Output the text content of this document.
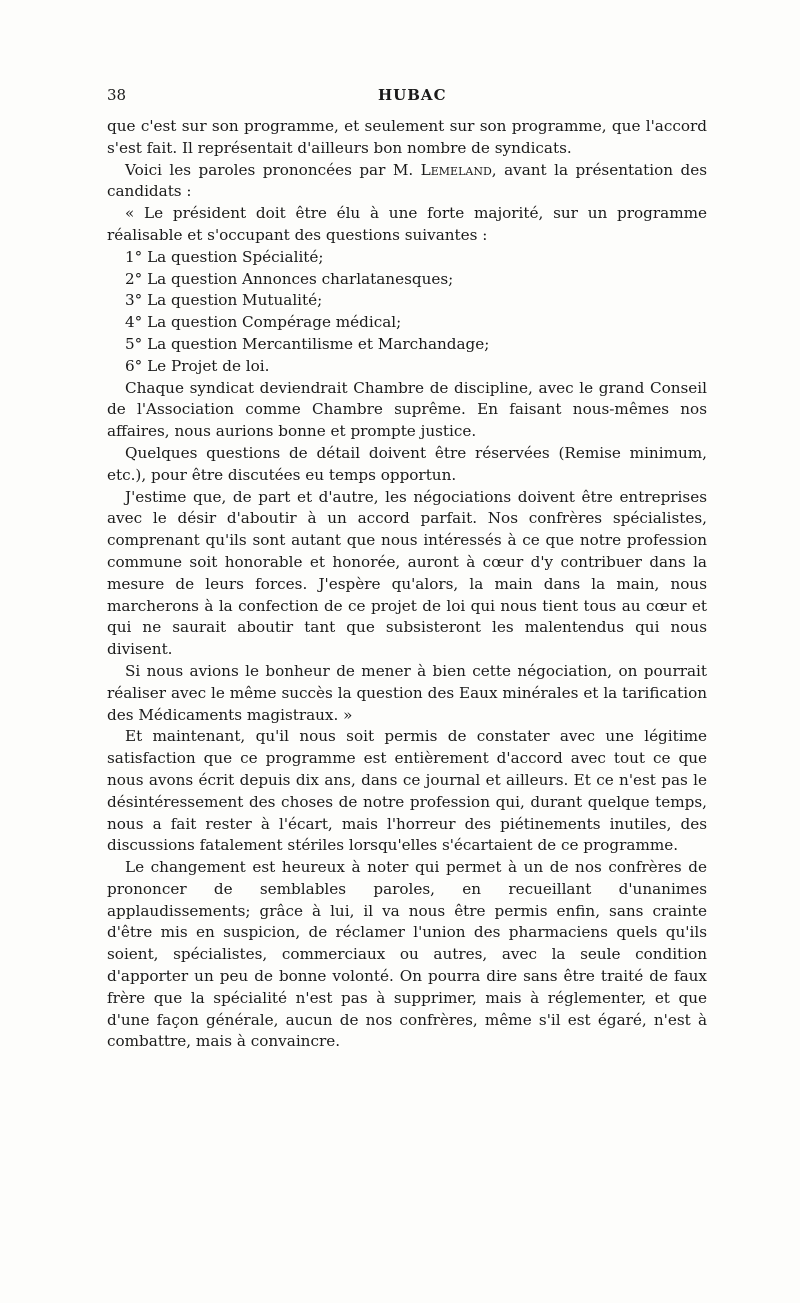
38	HUBAC

que c'est sur son programme, et seulement sur son programme, que l'accord s'est fait. Il représentait d'ailleurs bon nombre de syndicats.

Voici les paroles prononcées par M. Lemeland, avant la présentation des candidats :

« Le président doit être élu à une forte majorité, sur un programme réalisable et s'occupant des questions suivantes :

1° La question Spécialité;
2° La question Annonces charlatanesques;
3° La question Mutualité;
4° La question Compérage médical;
5° La question Mercantilisme et Marchandage;
6° Le Projet de loi.

Chaque syndicat deviendrait Chambre de discipline, avec le grand Conseil de l'Association comme Chambre suprême. En faisant nous-mêmes nos affaires, nous aurions bonne et prompte justice.

Quelques questions de détail doivent être réservées (Remise minimum, etc.), pour être discutées eu temps opportun.

J'estime que, de part et d'autre, les négociations doivent être entreprises avec le désir d'aboutir à un accord parfait. Nos confrères spécialistes, comprenant qu'ils sont autant que nous intéressés à ce que notre profession commune soit honorable et honorée, auront à cœur d'y contribuer dans la mesure de leurs forces. J'espère qu'alors, la main dans la main, nous marcherons à la confection de ce projet de loi qui nous tient tous au cœur et qui ne saurait aboutir tant que subsisteront les malentendus qui nous divisent.

Si nous avions le bonheur de mener à bien cette négociation, on pourrait réaliser avec le même succès la question des Eaux minérales et la tarification des Médicaments magistraux. »

Et maintenant, qu'il nous soit permis de constater avec une légitime satisfaction que ce programme est entièrement d'accord avec tout ce que nous avons écrit depuis dix ans, dans ce journal et ailleurs. Et ce n'est pas le désintéressement des choses de notre profession qui, durant quelque temps, nous a fait rester à l'écart, mais l'horreur des piétinements inutiles, des discussions fatalement stériles lorsqu'elles s'écartaient de ce programme.

Le changement est heureux à noter qui permet à un de nos confrères de prononcer de semblables paroles, en recueillant d'unanimes applaudissements; grâce à lui, il va nous être permis enfin, sans crainte d'être mis en suspicion, de réclamer l'union des pharmaciens quels qu'ils soient, spécialistes, commerciaux ou autres, avec la seule condition d'apporter un peu de bonne volonté. On pourra dire sans être traité de faux frère que la spécialité n'est pas à supprimer, mais à réglementer, et que d'une façon générale, aucun de nos confrères, même s'il est égaré, n'est à combattre, mais à convaincre.
